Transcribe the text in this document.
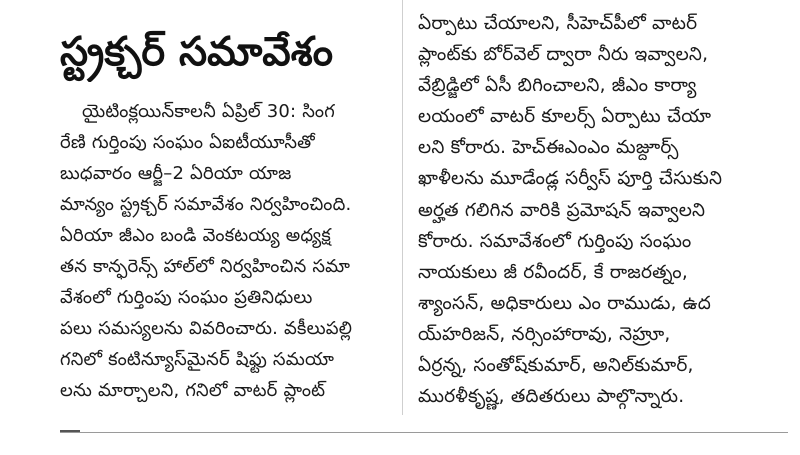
స్ట్రక్చర్ సమావేశం
యైటింక్లయిన్‌కాలనీ ఏప్రిల్ 30: సింగ
రేణి గుర్తింపు సంఘం ఏఐటీయూసీతో
బుధవారం ఆర్జీ–2 ఏరియా యాజ
మాన్యం స్ట్రక్చర్ సమావేశం నిర్వహించింది.
ఏరియా జీఎం బండి వెంకటయ్య అధ్యక్ష
తన కాన్ఫరెన్స్ హాల్‌లో నిర్వహించిన సమా
వేశంలో గుర్తింపు సంఘం ప్రతినిధులు
పలు సమస్యలను వివరించారు. వకీలుపల్లి
గనిలో కంటిన్యూస్‌మైనర్ షిఫ్టు సమయా
లను మార్చాలని, గనిలో వాటర్ ప్లాంట్
ఏర్పాటు చేయాలని, సీహెచ్‌పీలో వాటర్
ప్లాంట్‌కు బోర్‌వెల్ ద్వారా నీరు ఇవ్వాలని,
వేబ్రిడ్జిలో ఏసీ బిగించాలని, జీఎం కార్యా
లయంలో వాటర్ కూలర్స్ ఏర్పాటు చేయా
లని కోరారు. హెచ్‌ఈఎంఎం మజ్దూర్స్
ఖాళీలను మూడేండ్ల సర్వీస్ పూర్తి చేసుకుని
అర్హత గలిగిన వారికి ప్రమోషన్ ఇవ్వాలని
కోరారు. సమావేశంలో గుర్తింపు సంఘం
నాయకులు జీ రవీందర్, కే రాజరత్నం,
శ్యాంసన్, అధికారులు ఎం రాముడు, ఉద
య్‌హరిజన్, నర్సింహారావు, నెహ్రూ,
ఏర్రన్న, సంతోష్‌కుమార్, అనిల్‌కుమార్,
మురళీకృష్ణ, తదితరులు పాల్గొన్నారు.
